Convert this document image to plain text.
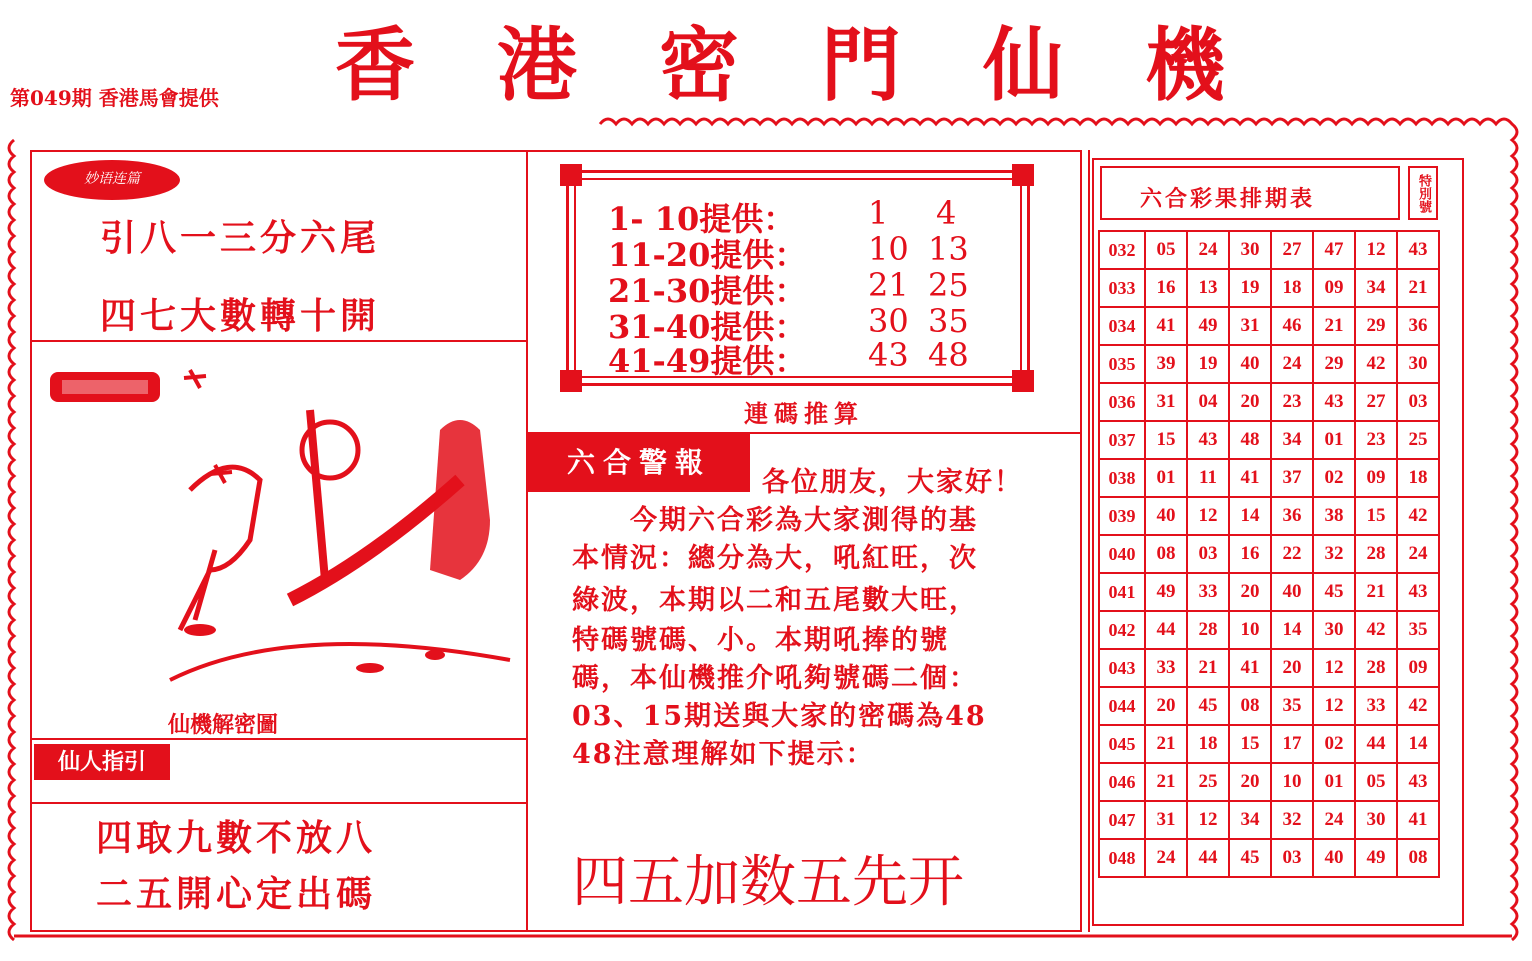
香	港	密	門	仙	機
第049期 香港馬會提供
妙语连篇
引八一三分六尾
四七大數轉十開
仙機解密圖
仙人指引
四取九數不放八
二五開心定出碼
1- 10提供： 1 4
11-20提供： 10 13
21-30提供： 21 25
31-40提供： 30 35
41-49提供： 43 48
連碼推算
六合警報
各位朋友，大家好！
今期六合彩為大家測得的基
本情況：總分為大，吼紅旺，次
綠波，本期以二和五尾數大旺，
特碼號碼、小。本期吼捧的號
碼，本仙機推介吼夠號碼二個：
03、15期送與大家的密碼為48
48注意理解如下提示：
四五加数五先开
六合彩果排期表	特別號
032	05	24	30	27	47	12	43
033	16	13	19	18	09	34	21
034	41	49	31	46	21	29	36
035	39	19	40	24	29	42	30
036	31	04	20	23	43	27	03
037	15	43	48	34	01	23	25
038	01	11	41	37	02	09	18
039	40	12	14	36	38	15	42
040	08	03	16	22	32	28	24
041	49	33	20	40	45	21	43
042	44	28	10	14	30	42	35
043	33	21	41	20	12	28	09
044	20	45	08	35	12	33	42
045	21	18	15	17	02	44	14
046	21	25	20	10	01	05	43
047	31	12	34	32	24	30	41
048	24	44	45	03	40	49	08
